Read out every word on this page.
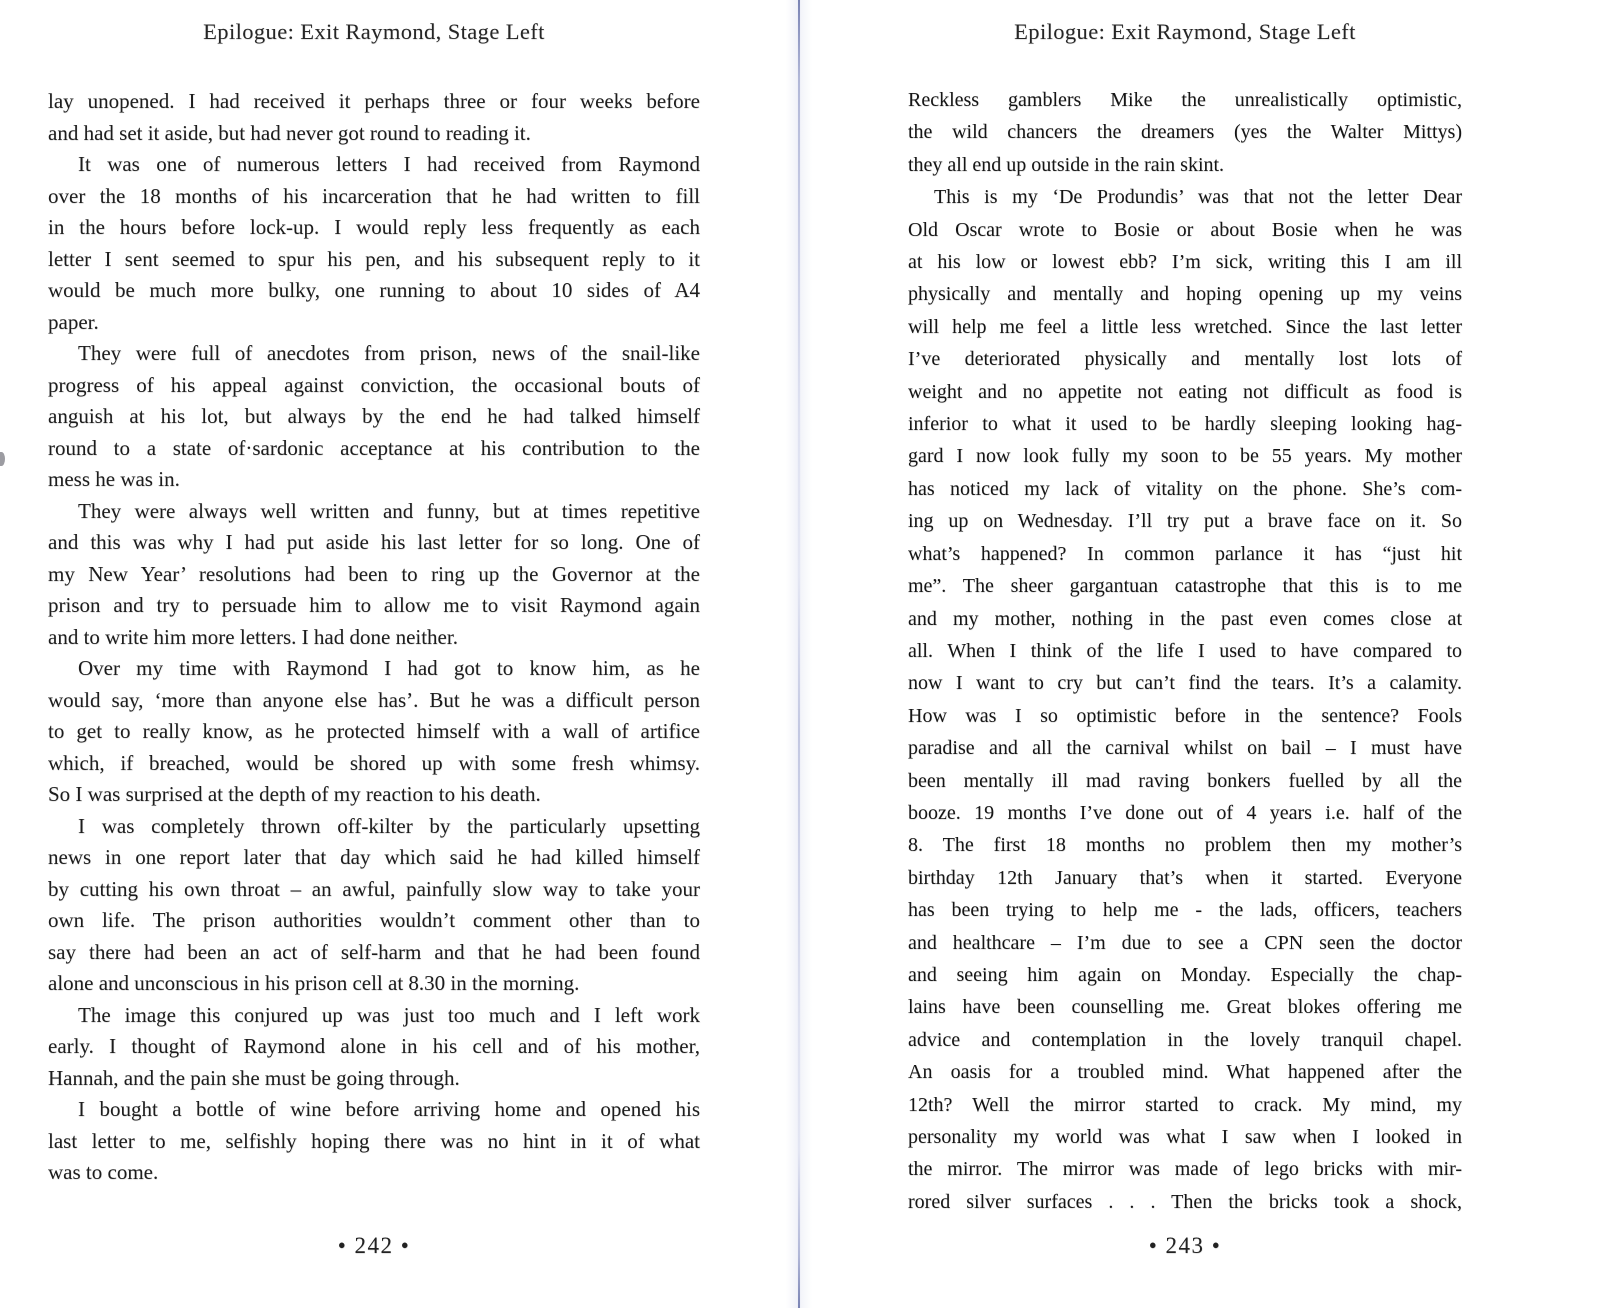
Epilogue: Exit Raymond, Stage Left
lay unopened. I had received it perhaps three or four weeks before
and had set it aside, but had never got round to reading it.
It was one of numerous letters I had received from Raymond
over the 18 months of his incarceration that he had written to fill
in the hours before lock-up. I would reply less frequently as each
letter I sent seemed to spur his pen, and his subsequent reply to it
would be much more bulky, one running to about 10 sides of A4
paper.
They were full of anecdotes from prison, news of the snail-like
progress of his appeal against conviction, the occasional bouts of
anguish at his lot, but always by the end he had talked himself
round to a state of·sardonic acceptance at his contribution to the
mess he was in.
They were always well written and funny, but at times repetitive
and this was why I had put aside his last letter for so long. One of
my New Year’ resolutions had been to ring up the Governor at the
prison and try to persuade him to allow me to visit Raymond again
and to write him more letters. I had done neither.
Over my time with Raymond I had got to know him, as he
would say, ‘more than anyone else has’. But he was a difficult person
to get to really know, as he protected himself with a wall of artifice
which, if breached, would be shored up with some fresh whimsy.
So I was surprised at the depth of my reaction to his death.
I was completely thrown off-kilter by the particularly upsetting
news in one report later that day which said he had killed himself
by cutting his own throat – an awful, painfully slow way to take your
own life. The prison authorities wouldn’t comment other than to
say there had been an act of self-harm and that he had been found
alone and unconscious in his prison cell at 8.30 in the morning.
The image this conjured up was just too much and I left work
early. I thought of Raymond alone in his cell and of his mother,
Hannah, and the pain she must be going through.
I bought a bottle of wine before arriving home and opened his
last letter to me, selfishly hoping there was no hint in it of what
was to come.
• 242 •
Epilogue: Exit Raymond, Stage Left
Reckless gamblers Mike the unrealistically optimistic,
the wild chancers the dreamers (yes the Walter Mittys)
they all end up outside in the rain skint.
This is my ‘De Produndis’ was that not the letter Dear
Old Oscar wrote to Bosie or about Bosie when he was
at his low or lowest ebb? I’m sick, writing this I am ill
physically and mentally and hoping opening up my veins
will help me feel a little less wretched. Since the last letter
I’ve deteriorated physically and mentally lost lots of
weight and no appetite not eating not difficult as food is
inferior to what it used to be hardly sleeping looking hag-
gard I now look fully my soon to be 55 years. My mother
has noticed my lack of vitality on the phone. She’s com-
ing up on Wednesday. I’ll try put a brave face on it. So
what’s happened? In common parlance it has “just hit
me”. The sheer gargantuan catastrophe that this is to me
and my mother, nothing in the past even comes close at
all. When I think of the life I used to have compared to
now I want to cry but can’t find the tears. It’s a calamity.
How was I so optimistic before in the sentence? Fools
paradise and all the carnival whilst on bail – I must have
been mentally ill mad raving bonkers fuelled by all the
booze. 19 months I’ve done out of 4 years i.e. half of the
8. The first 18 months no problem then my mother’s
birthday 12th January that’s when it started. Everyone
has been trying to help me - the lads, officers, teachers
and healthcare – I’m due to see a CPN seen the doctor
and seeing him again on Monday. Especially the chap-
lains have been counselling me. Great blokes offering me
advice and contemplation in the lovely tranquil chapel.
An oasis for a troubled mind. What happened after the
12th? Well the mirror started to crack. My mind, my
personality my world was what I saw when I looked in
the mirror. The mirror was made of lego bricks with mir-
rored silver surfaces . . . Then the bricks took a shock,
• 243 •
